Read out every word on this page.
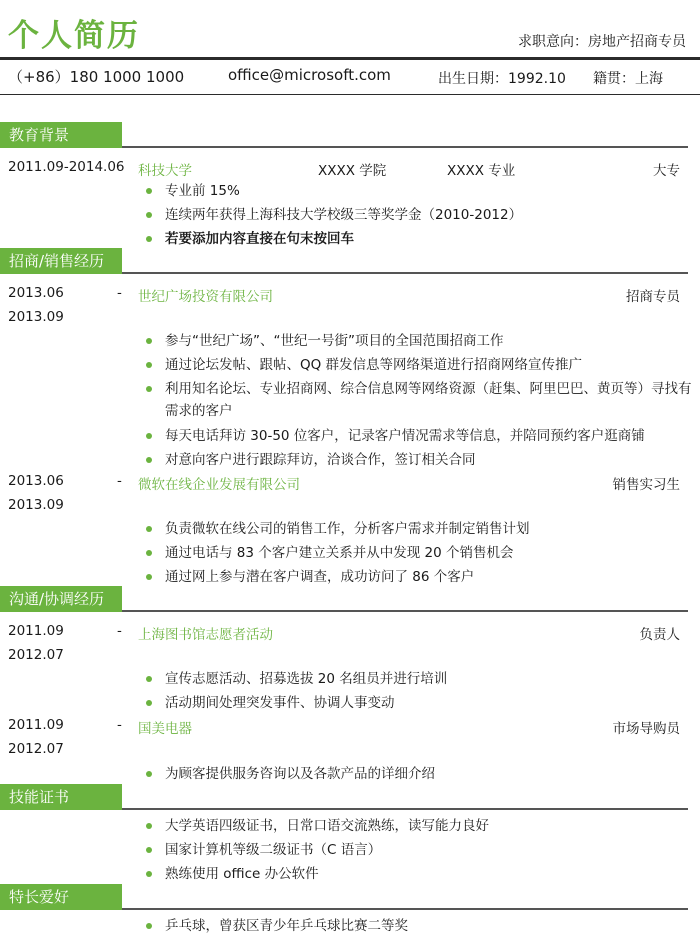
个人简历	求职意向：房地产招商专员
（+86）180 1000 1000	office@microsoft.com	出生日期：1992.10 籍贯：上海
教育背景
2011.09-2014.06 科技大学	XXXX 学院	XXXX 专业	大专
专业前 15%
连续两年获得上海科技大学校级三等奖学金（2010-2012）
若要添加内容直接在句末按回车
招商/销售经历
2013.06	-
2013.09
世纪广场投资有限公司	招商专员
参与“世纪广场”、“世纪一号街”项目的全国范围招商工作
通过论坛发帖、跟帖、QQ 群发信息等网络渠道进行招商网络宣传推广
利用知名论坛、专业招商网、综合信息网等网络资源（赶集、阿里巴巴、黄页等）寻找有需求的客户
每天电话拜访 30-50 位客户，记录客户情况需求等信息，并陪同预约客户逛商铺
对意向客户进行跟踪拜访，洽谈合作，签订相关合同
2013.06	-
2013.09
微软在线企业发展有限公司	销售实习生
负责微软在线公司的销售工作，分析客户需求并制定销售计划
通过电话与 83 个客户建立关系并从中发现 20 个销售机会
通过网上参与潜在客户调查，成功访问了 86 个客户
沟通/协调经历
2011.09	-
2012.07
上海图书馆志愿者活动	负责人
宣传志愿活动、招募选拔 20 名组员并进行培训
活动期间处理突发事件、协调人事变动
2011.09	-
2012.07
国美电器	市场导购员
为顾客提供服务咨询以及各款产品的详细介绍
技能证书
大学英语四级证书，日常口语交流熟练，读写能力良好
国家计算机等级二级证书（C 语言）
熟练使用 office 办公软件
特长爱好
乒乓球，曾获区青少年乒乓球比赛二等奖
